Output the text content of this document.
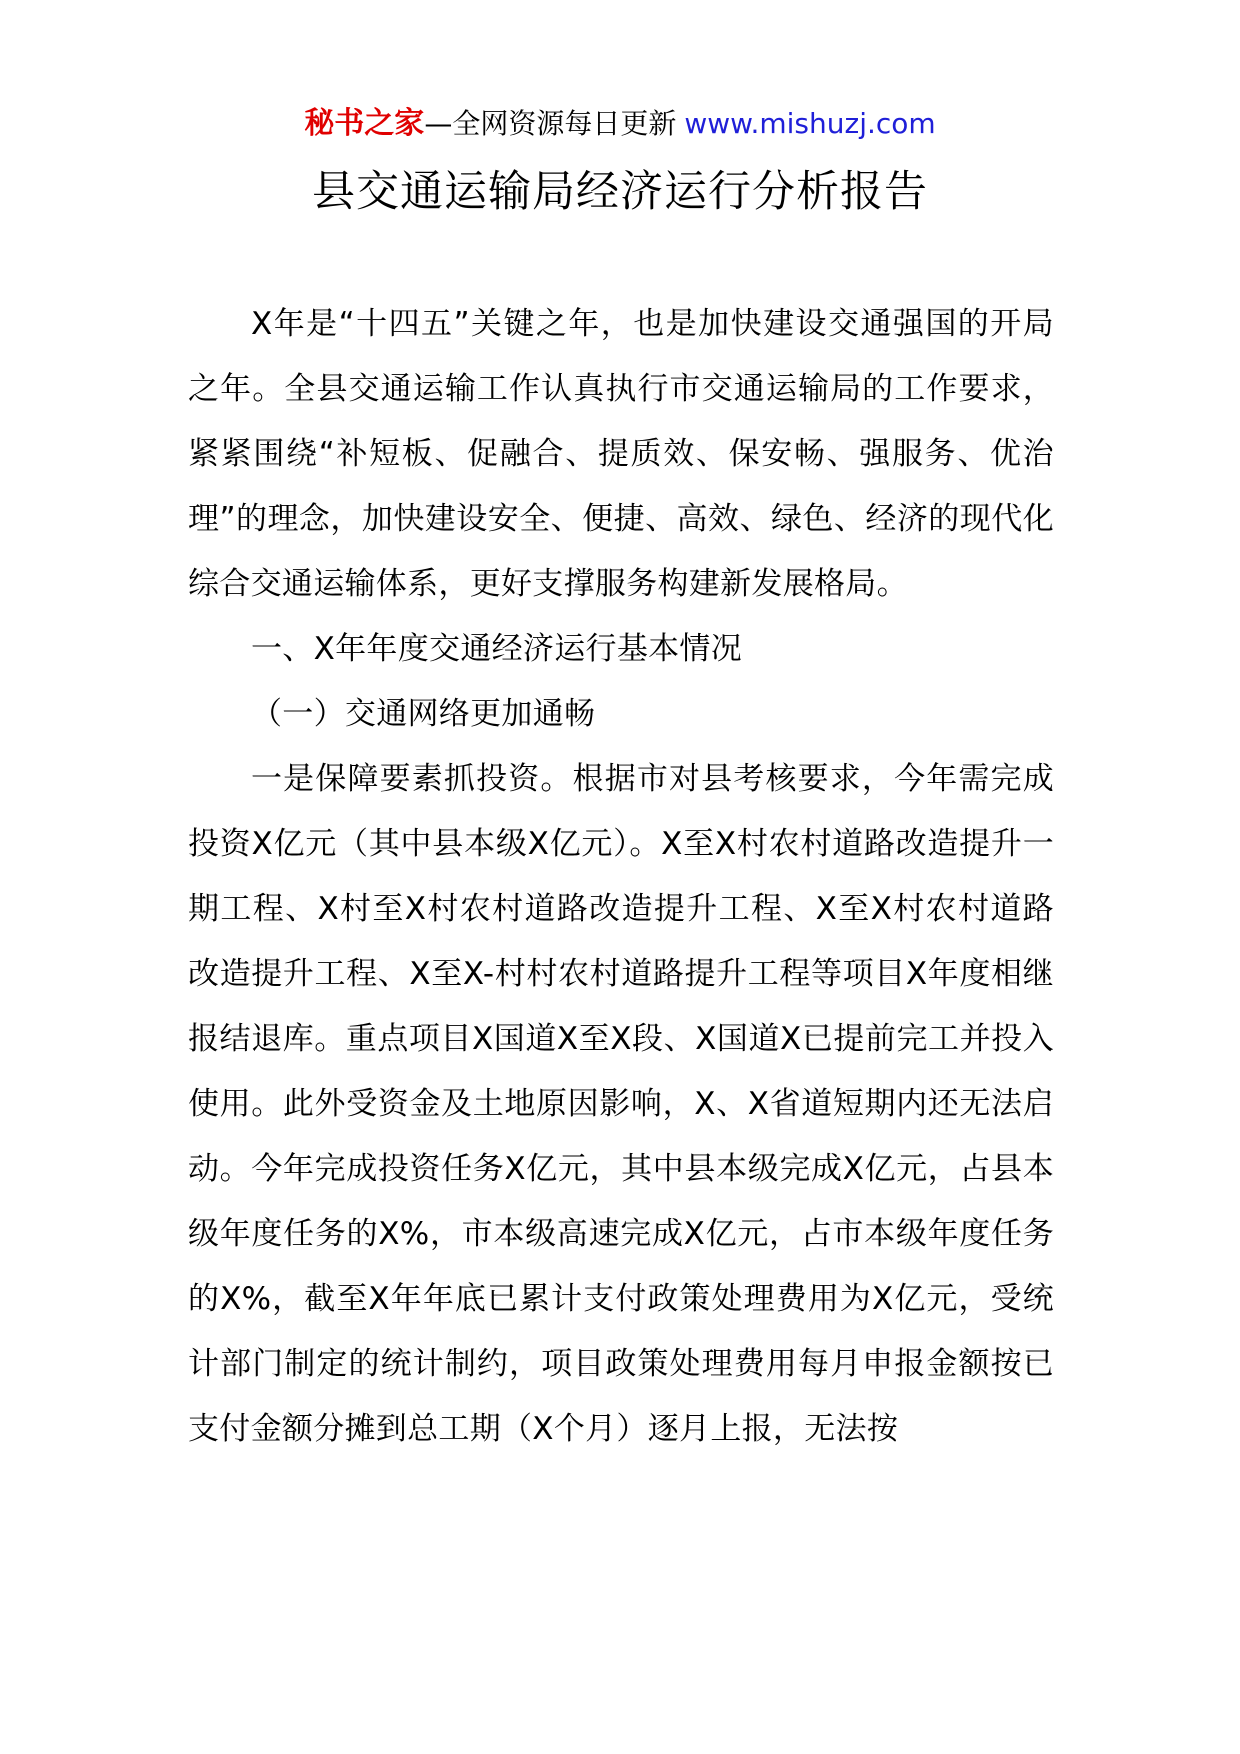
秘书之家—全网资源每日更新 www.mishuzj.com
县交通运输局经济运行分析报告

X年是“十四五”关键之年，也是加快建设交通强国的开局之年。全县交通运输工作认真执行市交通运输局的工作要求，紧紧围绕“补短板、促融合、提质效、保安畅、强服务、优治理”的理念，加快建设安全、便捷、高效、绿色、经济的现代化综合交通运输体系，更好支撑服务构建新发展格局。

一、X年年度交通经济运行基本情况

（一）交通网络更加通畅

一是保障要素抓投资。根据市对县考核要求，今年需完成投资X亿元（其中县本级X亿元）。X至X村农村道路改造提升一期工程、X村至X村农村道路改造提升工程、X至X村农村道路改造提升工程、X至X-村村农村道路提升工程等项目X年度相继报结退库。重点项目X国道X至X段、X国道X已提前完工并投入使用。此外受资金及土地原因影响，X、X省道短期内还无法启动。今年完成投资任务X亿元，其中县本级完成X亿元，占县本级年度任务的X%，市本级高速完成X亿元，占市本级年度任务的X%，截至X年年底已累计支付政策处理费用为X亿元，受统计部门制定的统计制约，项目政策处理费用每月申报金额按已支付金额分摊到总工期（X个月）逐月上报，无法按
